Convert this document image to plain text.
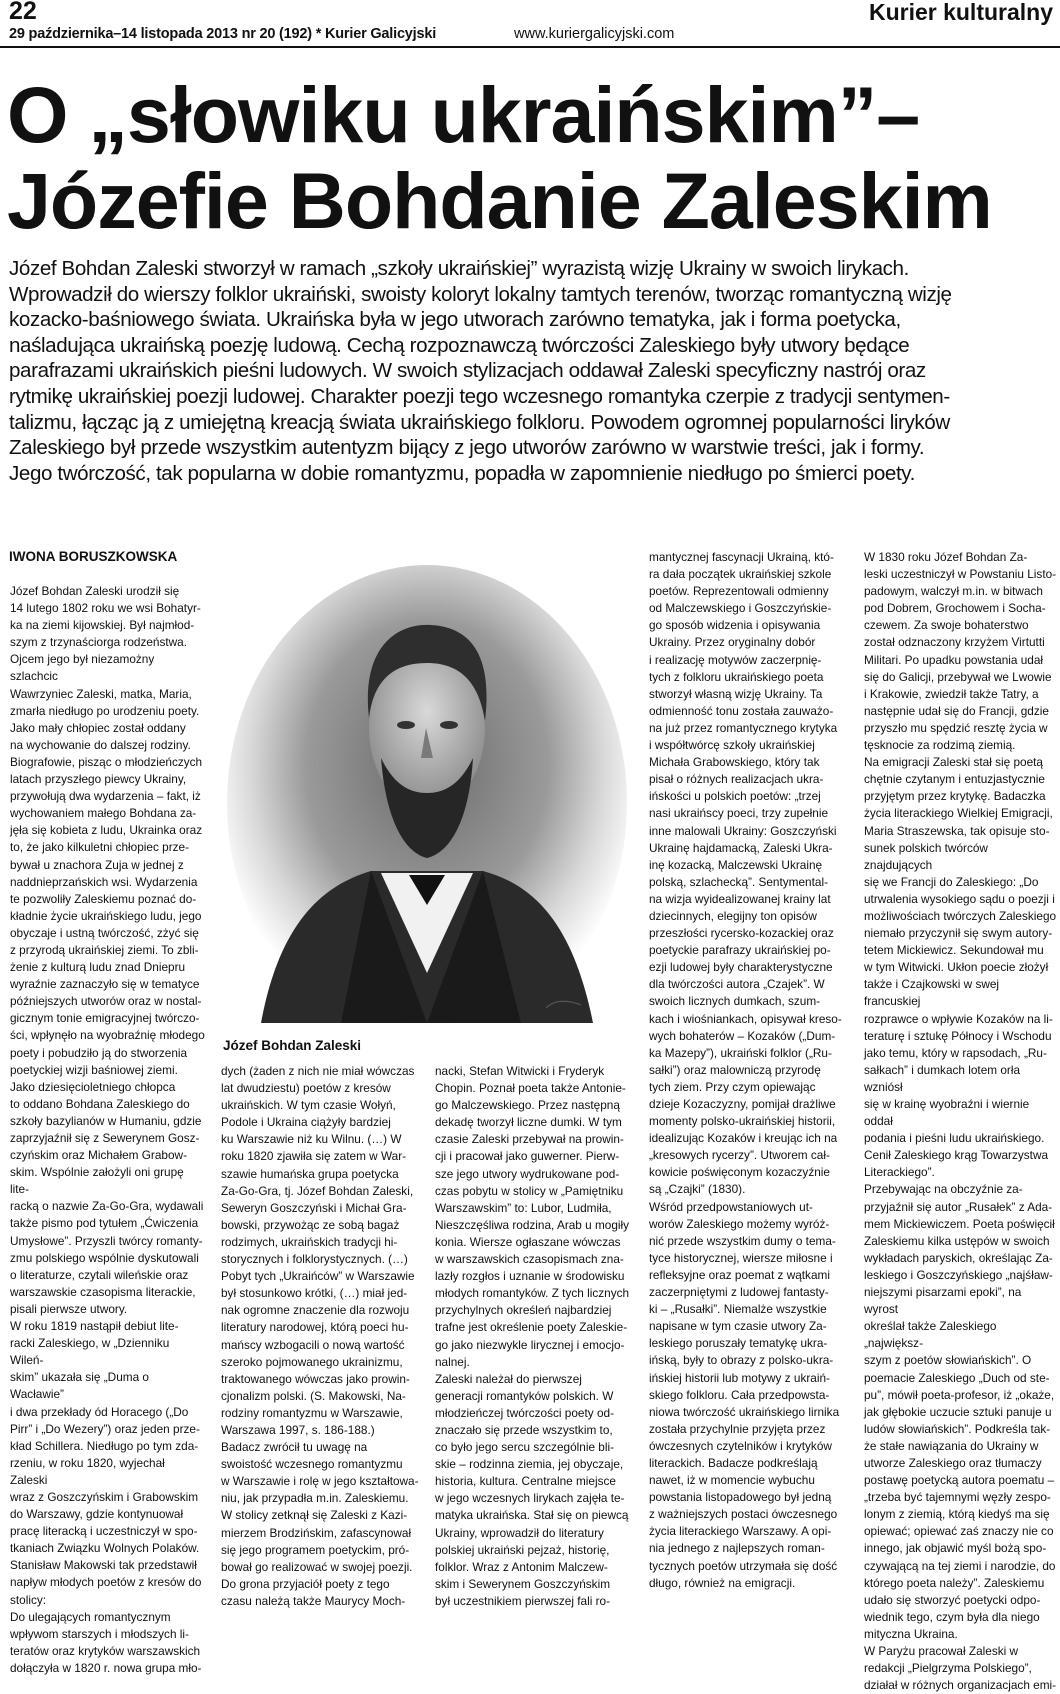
22	Kurier kulturalny
29 października–14 listopada 2013 nr 20 (192) * Kurier Galicyjski	www.kuriergalicyjski.com
O „słowiku ukraińskim”–
Józefie Bohdanie Zaleskim

Józef Bohdan Zaleski stworzył w ramach „szkoły ukraińskiej” wyrazistą wizję Ukrainy w swoich lirykach.
Wprowadził do wierszy folklor ukraiński, swoisty koloryt lokalny tamtych terenów, tworząc romantyczną wizję
kozacko-baśniowego świata. Ukraińska była w jego utworach zarówno tematyka, jak i forma poetycka,
naśladująca ukraińską poezję ludową. Cechą rozpoznawczą twórczości Zaleskiego były utwory będące
parafrazami ukraińskich pieśni ludowych. W swoich stylizacjach oddawał Zaleski specyficzny nastrój oraz
rytmikę ukraińskiej poezji ludowej. Charakter poezji tego wczesnego romantyka czerpie z tradycji sentymen-
talizmu, łącząc ją z umiejętną kreacją świata ukraińskiego folkloru. Powodem ogromnej popularności liryków
Zaleskiego był przede wszystkim autentyzm bijący z jego utworów zarówno w warstwie treści, jak i formy.
Jego twórczość, tak popularna w dobie romantyzmu, popadła w zapomnienie niedługo po śmierci poety.

IWONA BORUSZKOWSKA

Józef Bohdan Zaleski urodził się
14 lutego 1802 roku we wsi Bohatyr-
ka na ziemi kijowskiej. Był najmłod-
szym z trzynaściorga rodzeństwa.
Ojcem jego był niezamożny szlachcic
Wawrzyniec Zaleski, matka, Maria,
zmarła niedługo po urodzeniu poety.
Jako mały chłopiec został oddany
na wychowanie do dalszej rodziny.
Biografowie, pisząc o młodzieńczych
latach przyszłego piewcy Ukrainy,
przywołują dwa wydarzenia – fakt, iż
wychowaniem małego Bohdana za-
jęła się kobieta z ludu, Ukrainka oraz
to, że jako kilkuletni chłopiec prze-
bywał u znachora Zuja w jednej z
naddnieprzańskich wsi. Wydarzenia
te pozwoliły Zaleskiemu poznać do-
kładnie życie ukraińskiego ludu, jego
obyczaje i ustną twórczość, zżyć się
z przyrodą ukraińskiej ziemi. To zbli-
żenie z kulturą ludu znad Dniepru
wyraźnie zaznaczyło się w tematyce
późniejszych utworów oraz w nostal-
gicznym tonie emigracyjnej twórczo-
ści, wpłynęło na wyobraźnię młodego
poety i pobudziło ją do stworzenia
poetyckiej wizji baśniowej ziemi.
Jako dziesięcioletniego chłopca
to oddano Bohdana Zaleskiego do
szkoły bazylianów w Humaniu, gdzie
zaprzyjaźnił się z Sewerynem Gosz-
czyńskim oraz Michałem Grabow-
skim. Wspólnie założyli oni grupę lite-
racką o nazwie Za-Go-Gra, wydawali
także pismo pod tytułem „Ćwiczenia
Umysłowe”. Przyszli twórcy romanty-
zmu polskiego wspólnie dyskutowali
o literaturze, czytali wileńskie oraz
warszawskie czasopisma literackie,
pisali pierwsze utwory.
W roku 1819 nastąpił debiut lite-
racki Zaleskiego, w „Dzienniku Wileń-
skim” ukazała się „Duma o Wacławie”
i dwa przekłady ód Horacego („Do
Pirr” i „Do Wezery”) oraz jeden prze-
kład Schillera. Niedługo po tym zda-
rzeniu, w roku 1820, wyjechał Zaleski
wraz z Goszczyńskim i Grabowskim
do Warszawy, gdzie kontynuował
pracę literacką i uczestniczył w spo-
tkaniach Związku Wolnych Polaków.
Stanisław Makowski tak przedstawił
napływ młodych poetów z kresów do
stolicy:
Do ulegających romantycznym
wpływom starszych i młodszych li-
teratów oraz krytyków warszawskich
dołączyła w 1820 r. nowa grupa mło-

Józef Bohdan Zaleski

dych (żaden z nich nie miał wówczas
lat dwudziestu) poetów z kresów
ukraińskich. W tym czasie Wołyń,
Podole i Ukraina ciążyły bardziej
ku Warszawie niż ku Wilnu. (…) W
roku 1820 zjawiła się zatem w War-
szawie humańska grupa poetycka
Za-Go-Gra, tj. Józef Bohdan Zaleski,
Seweryn Goszczyński i Michał Gra-
bowski, przywożąc ze sobą bagaż
rodzimych, ukraińskich tradycji hi-
storycznych i folklorystycznych. (…)
Pobyt tych „Ukraińców” w Warszawie
był stosunkowo krótki, (…) miał jed-
nak ogromne znaczenie dla rozwoju
literatury narodowej, którą poeci hu-
mańscy wzbogacili o nową wartość
szeroko pojmowanego ukrainizmu,
traktowanego wówczas jako prowin-
cjonalizm polski. (S. Makowski, Na-
rodziny romantyzmu w Warszawie,
Warszawa 1997, s. 186-188.)
Badacz zwrócił tu uwagę na
swoistość wczesnego romantyzmu
w Warszawie i rolę w jego kształtowa-
niu, jak przypadła m.in. Zaleskiemu.
W stolicy zetknął się Zaleski z Kazi-
mierzem Brodzińskim, zafascynował
się jego programem poetyckim, pró-
bował go realizować w swojej poezji.
Do grona przyjaciół poety z tego
czasu należą także Maurycy Moch-

nacki, Stefan Witwicki i Fryderyk
Chopin. Poznał poeta także Antonie-
go Malczewskiego. Przez następną
dekadę tworzył liczne dumki. W tym
czasie Zaleski przebywał na prowin-
cji i pracował jako guwerner. Pierw-
sze jego utwory wydrukowane pod-
czas pobytu w stolicy w „Pamiętniku
Warszawskim” to: Lubor, Ludmiła,
Nieszczęśliwa rodzina, Arab u mogiły
konia. Wiersze ogłaszane wówczas
w warszawskich czasopismach zna-
lazły rozgłos i uznanie w środowisku
młodych romantyków. Z tych licznych
przychylnych określeń najbardziej
trafne jest określenie poety Zaleskie-
go jako niezwykle lirycznej i emocjo-
nalnej.
Zaleski należał do pierwszej
generacji romantyków polskich. W
młodzieńczej twórczości poety od-
znaczało się przede wszystkim to,
co było jego sercu szczególnie bli-
skie – rodzinna ziemia, jej obyczaje,
historia, kultura. Centralne miejsce
w jego wczesnych lirykach zajęła te-
matyka ukraińska. Stał się on piewcą
Ukrainy, wprowadził do literatury
polskiej ukraiński pejzaż, historię,
folklor. Wraz z Antonim Malczew-
skim i Sewerynem Goszczyńskim
był uczestnikiem pierwszej fali ro-

mantycznej fascynacji Ukrainą, któ-
ra dała początek ukraińskiej szkole
poetów. Reprezentowali odmienny
od Malczewskiego i Goszczyńskie-
go sposób widzenia i opisywania
Ukrainy. Przez oryginalny dobór
i realizację motywów zaczerpnię-
tych z folkloru ukraińskiego poeta
stworzył własną wizję Ukrainy. Ta
odmienność tonu została zauważo-
na już przez romantycznego krytyka
i współtwórcę szkoły ukraińskiej
Michała Grabowskiego, który tak
pisał o różnych realizacjach ukra-
ińskości u polskich poetów: „trzej
nasi ukraińscy poeci, trzy zupełnie
inne malowali Ukrainy: Goszczyński
Ukrainę hajdamacką, Zaleski Ukra-
inę kozacką, Malczewski Ukrainę
polską, szlachecką”. Sentymental-
na wizja wyidealizowanej krainy lat
dziecinnych, elegijny ton opisów
przeszłości rycersko-kozackiej oraz
poetyckie parafrazy ukraińskiej po-
ezji ludowej były charakterystyczne
dla twórczości autora „Czajek”. W
swoich licznych dumkach, szum-
kach i wiośniankach, opisywał kreso-
wych bohaterów – Kozaków („Dum-
ka Mazepy”), ukraiński folklor („Ru-
sałki”) oraz malowniczą przyrodę
tych ziem. Przy czym opiewając
dzieje Kozaczyzny, pomijał drażliwe
momenty polsko-ukraińskiej historii,
idealizując Kozaków i kreując ich na
„kresowych rycerzy”. Utworem cał-
kowicie poświęconym kozaczyźnie
są „Czajki” (1830).
Wśród przedpowstaniowych ut-
worów Zaleskiego możemy wyróż-
nić przede wszystkim dumy o tema-
tyce historycznej, wiersze miłosne i
refleksyjne oraz poemat z wątkami
zaczerpniętymi z ludowej fantasty-
ki – „Rusałki”. Niemalże wszystkie
napisane w tym czasie utwory Za-
leskiego poruszały tematykę ukra-
ińską, były to obrazy z polsko-ukra-
ińskiej historii lub motywy z ukraiń-
skiego folkloru. Cała przedpowsta-
niowa twórczość ukraińskiego lirnika
została przychylnie przyjęta przez
ówczesnych czytelników i krytyków
literackich. Badacze podkreślają
nawet, iż w momencie wybuchu
powstania listopadowego był jedną
z ważniejszych postaci ówczesnego
życia literackiego Warszawy. A opi-
nia jednego z najlepszych roman-
tycznych poetów utrzymała się dość
długo, również na emigracji.

W 1830 roku Józef Bohdan Za-
leski uczestniczył w Powstaniu Listo-
padowym, walczył m.in. w bitwach
pod Dobrem, Grochowem i Socha-
czewem. Za swoje bohaterstwo
został odznaczony krzyżem Virtutti
Militari. Po upadku powstania udał
się do Galicji, przebywał we Lwowie
i Krakowie, zwiedził także Tatry, a
następnie udał się do Francji, gdzie
przyszło mu spędzić resztę życia w
tęsknocie za rodzimą ziemią.
Na emigracji Zaleski stał się poetą
chętnie czytanym i entuzjastycznie
przyjętym przez krytykę. Badaczka
życia literackiego Wielkiej Emigracji,
Maria Straszewska, tak opisuje sto-
sunek polskich twórców znajdujących
się we Francji do Zaleskiego: „Do
utrwalenia wysokiego sądu o poezji i
możliwościach twórczych Zaleskiego
niemało przyczynił się swym autory-
tetem Mickiewicz. Sekundował mu
w tym Witwicki. Ukłon poecie złożył
także i Czajkowski w swej francuskiej
rozprawce o wpływie Kozaków na li-
teraturę i sztukę Północy i Wschodu
jako temu, który w rapsodach, „Ru-
sałkach” i dumkach lotem orła wzniósł
się w krainę wyobraźni i wiernie oddał
podania i pieśni ludu ukraińskiego.
Cenił Zaleskiego krąg Towarzystwa
Literackiego”.
Przebywając na obczyźnie za-
przyjaźnił się autor „Rusałek” z Ada-
mem Mickiewiczem. Poeta poświęcił
Zaleskiemu kilka ustępów w swoich
wykładach paryskich, określając Za-
leskiego i Goszczyńskiego „najśław-
niejszymi pisarzami epoki”, na wyrost
określał także Zaleskiego „największ-
szym z poetów słowiańskich”. O
poemacie Zaleskiego „Duch od ste-
pu”, mówił poeta-profesor, iż „okaże,
jak głębokie uczucie sztuki panuje u
ludów słowiańskich”. Podkreśla tak-
że stałe nawiązania do Ukrainy w
utworze Zaleskiego oraz tłumaczy
postawę poetycką autora poematu –
„trzeba być tajemnymi węzły zespo-
lonym z ziemią, którą kiedyś ma się
opiewać; opiewać zaś znaczy nie co
innego, jak objawić myśl bożą spo-
czywającą na tej ziemi i narodzie, do
którego poeta należy”. Zaleskiemu
udało się stworzyć poetycki odpo-
wiednik tego, czym była dla niego
mityczna Ukraina.
W Paryżu pracował Zaleski w
redakcji „Pielgrzyma Polskiego”,
działał w różnych organizacjach emi-
